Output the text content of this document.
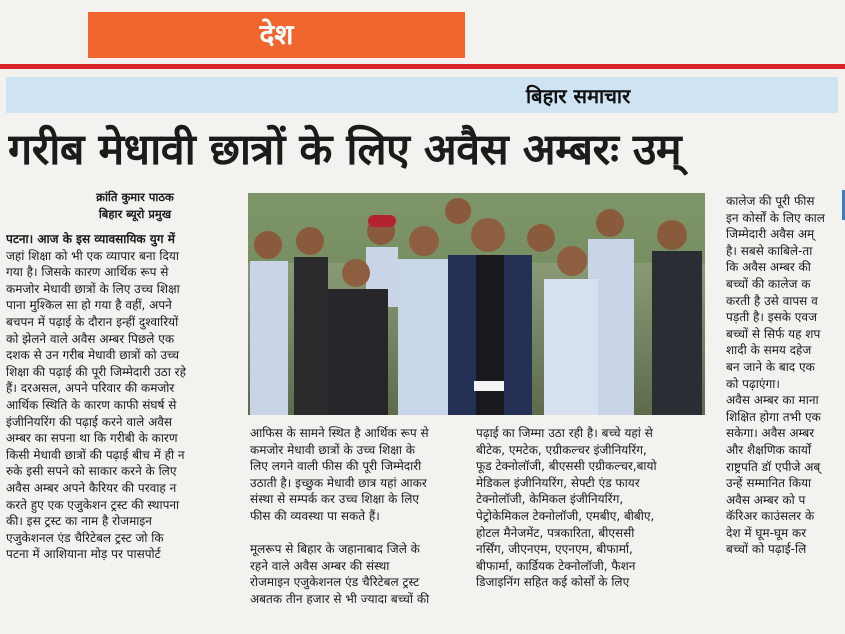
देश
बिहार समाचार
गरीब मेधावी छात्रों के लिए अवैस अम्बरः उम्
क्रांति कुमार पाठक
बिहार ब्यूरो प्रमुख
पटना। आज के इस व्यावसायिक युग में
जहां शिक्षा को भी एक व्यापार बना दिया
गया है। जिसके कारण आर्थिक रूप से
कमजोर मेधावी छात्रों के लिए उच्च शिक्षा
पाना मुश्किल सा हो गया है वहीं, अपने
बचपन में पढ़ाई के दौरान इन्हीं दुश्वारियों
को झेलने वाले अवैस अम्बर पिछले एक
दशक से उन गरीब मेधावी छात्रों को उच्च
शिक्षा की पढ़ाई की पूरी जिम्मेदारी उठा रहे
हैं। दरअसल, अपने परिवार की कमजोर
आर्थिक स्थिति के कारण काफी संघर्ष से
इंजीनियरिंग की पढ़ाई करने वाले अवैस
अम्बर का सपना था कि गरीबी के कारण
किसी मेधावी छात्रों की पढ़ाई बीच में ही न
रुके इसी सपने को साकार करने के लिए
अवैस अम्बर अपने कैरियर की परवाह न
करते हुए एक एजुकेशन ट्रस्ट की स्थापना
की। इस ट्रस्ट का नाम है रोजमाइन
एजुकेशनल एंड चैरिटेबल ट्रस्ट जो कि
पटना में आशियाना मोड़ पर पासपोर्ट
आफिस के सामने स्थित है आर्थिक रूप से
कमजोर मेधावी छात्रों के उच्च शिक्षा के
लिए लगने वाली फीस की पूरी जिम्मेदारी
उठाती है। इच्छुक मेधावी छात्र यहां आकर
संस्था से सम्पर्क कर उच्च शिक्षा के लिए
फीस की व्यवस्था पा सकते हैं।

मूलरूप से बिहार के जहानाबाद जिले के
रहने वाले अवैस अम्बर की संस्था
रोजमाइन एजुकेशनल एंड चैरिटेबल ट्रस्ट
अबतक तीन हजार से भी ज्यादा बच्चों की
पढ़ाई का जिम्मा उठा रही है। बच्चे यहां से
बीटेक, एमटेक, एग्रीकल्चर इंजीनियरिंग,
फूड टेक्नोलॉजी, बीएससी एग्रीकल्चर,बायो
मेडिकल इंजीनियरिंग, सेफ्टी एंड फायर
टेक्नोलॉजी, केमिकल इंजीनियरिंग,
पेट्रोकेमिकल टेक्नोलॉजी, एमबीए, बीबीए,
होटल मैनेजमेंट, पत्रकारिता, बीएससी
नर्सिंग, जीएनएम, एएनएम, बीफार्मा,
बीफार्मा, कार्डियक टेक्नोलॉजी, फैशन
डिजाइनिंग सहित कई कोर्सों के लिए
कालेज की पूरी फीस
इन कोर्सों के लिए काल
जिम्मेदारी अवैस अम्
है। सबसे काबिले-ता
कि अवैस अम्बर की
बच्चों की कालेज क
करती है उसे वापस व
पड़ती है। इसके एवज
बच्चों से सिर्फ यह शप
शादी के समय दहेज
बन जाने के बाद एक
को पढ़ाएंगा।
अवैस अम्बर का माना
शिक्षित होगा तभी एक
सकेगा। अवैस अम्बर
और शैक्षणिक कार्यों
राष्ट्रपति डॉ एपीजे अब्
उन्हें सम्मानित किया
अवैस अम्बर को प
कॅरिअर काउंसलर के
देश में घूम-घूम कर
बच्चों को पढ़ाई-लि
